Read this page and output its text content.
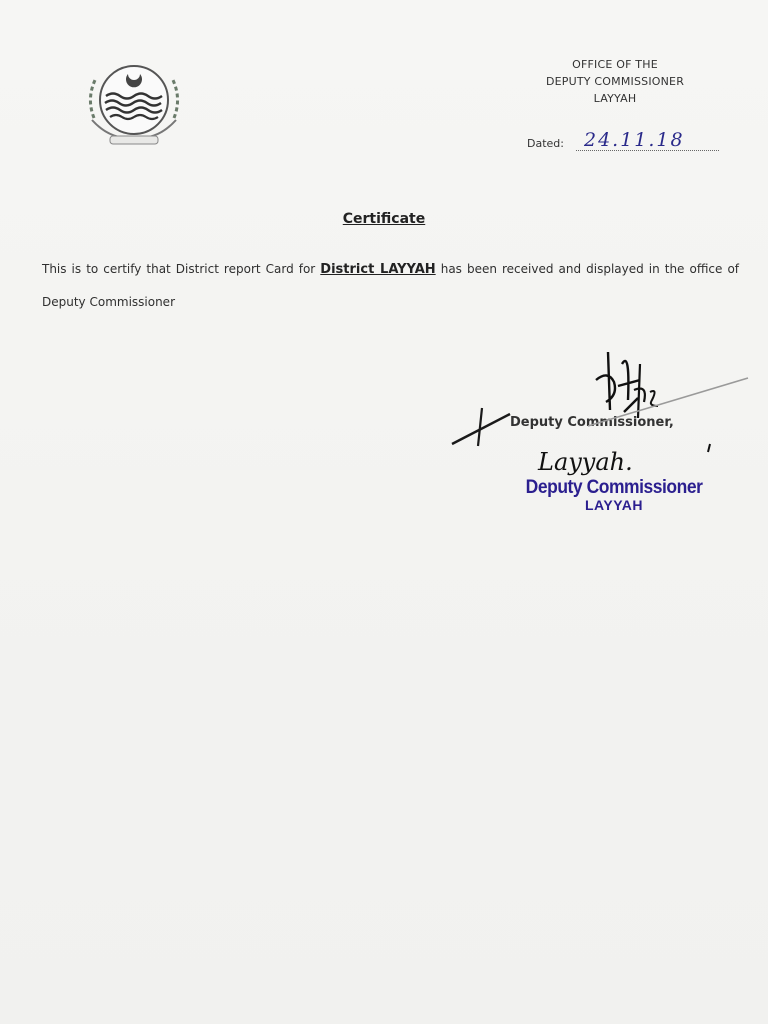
OFFICE OF THE
DEPUTY COMMISSIONER
LAYYAH
Dated:	24.11.18
Certificate
This is to certify that District report Card for District LAYYAH has been received and displayed in the office of Deputy Commissioner
Deputy Commissioner,
Layyah.
Deputy Commissioner
LAYYAH
